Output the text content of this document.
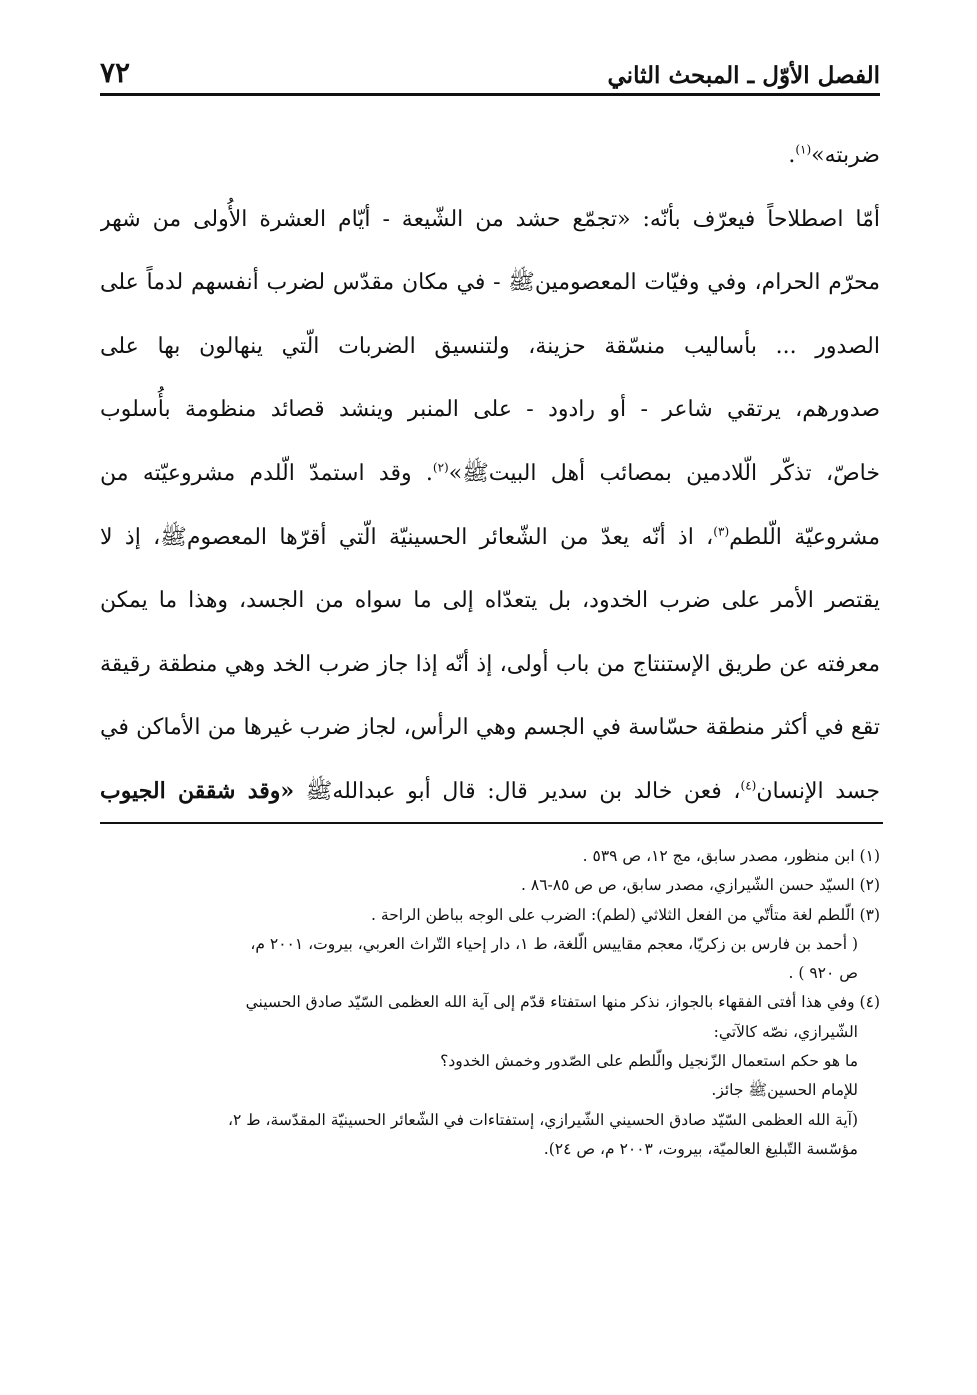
الفصل الأوّل ـ المبحث الثاني
٧٢
ضربته»$^{(١)}$.
أمّا اصطلاحاً فيعرّف بأنّه: «تجمّع حشد من الشّيعة - أيّام العشرة الأُولى من شهر
محرّم الحرام، وفي وفيّات المعصومينﷺ - في مكان مقدّس لضرب أنفسهم لدماً على
الصدور ... بأساليب منسّقة حزينة، ولتنسيق الضربات الّتي ينهالون بها على
صدورهم، يرتقي شاعر - أو رادود - على المنبر وينشد قصائد منظومة بأُسلوب
خاصّ، تذكّر الّلادمين بمصائب أهل البيتﷺ»$^{(٢)}$. وقد استمدّ الّلدم مشروعيّته من
مشروعيّة الّلطم$^{(٣)}$، اذ أنّه يعدّ من الشّعائر الحسينيّة الّتي أقرّها المعصومﷺ، إذ لا
يقتصر الأمر على ضرب الخدود، بل يتعدّاه إلى ما سواه من الجسد، وهذا ما يمكن
معرفته عن طريق الإستنتاج من باب أولى، إذ أنّه إذا جاز ضرب الخد وهي منطقة رقيقة
تقع في أكثر منطقة حسّاسة في الجسم وهي الرأس، لجاز ضرب غيرها من الأماكن في
جسد الإنسان$^{(٤)}$، فعن خالد بن سدير قال: قال أبو عبداللهﷺ «وقد شققن الجيوب
(١) ابن منظور، مصدر سابق، مج ١٢، ص ٥٣٩ .
(٢) السيّد حسن الشّيرازي، مصدر سابق، ص ص ٨٥-٨٦ .
(٣) الّلطم لغة متأتّي من الفعل الثلاثي (لطم): الضرب على الوجه بباطن الراحة .
( أحمد بن فارس بن زكريّا، معجم مقاييس الّلغة، ط ١، دار إحياء التّراث العربي، بيروت، ٢٠٠١ م،
ص ٩٢٠ ) .
(٤) وفي هذا أفتى الفقهاء بالجواز، نذكر منها استفتاء قدّم إلى آية الله العظمى السّيّد صادق الحسيني
الشّيرازي، نصّه كالآتي:
ما هو حكم استعمال الزّنجيل والّلطم على الصّدور وخمش الخدود؟
للإمام الحسينﷺ جائز.
(آية الله العظمى السّيّد صادق الحسيني الشّيرازي، إستفتاءات في الشّعائر الحسينيّة المقدّسة، ط ٢،
مؤسّسة التّبليغ العالميّة، بيروت، ٢٠٠٣ م، ص ٢٤).
